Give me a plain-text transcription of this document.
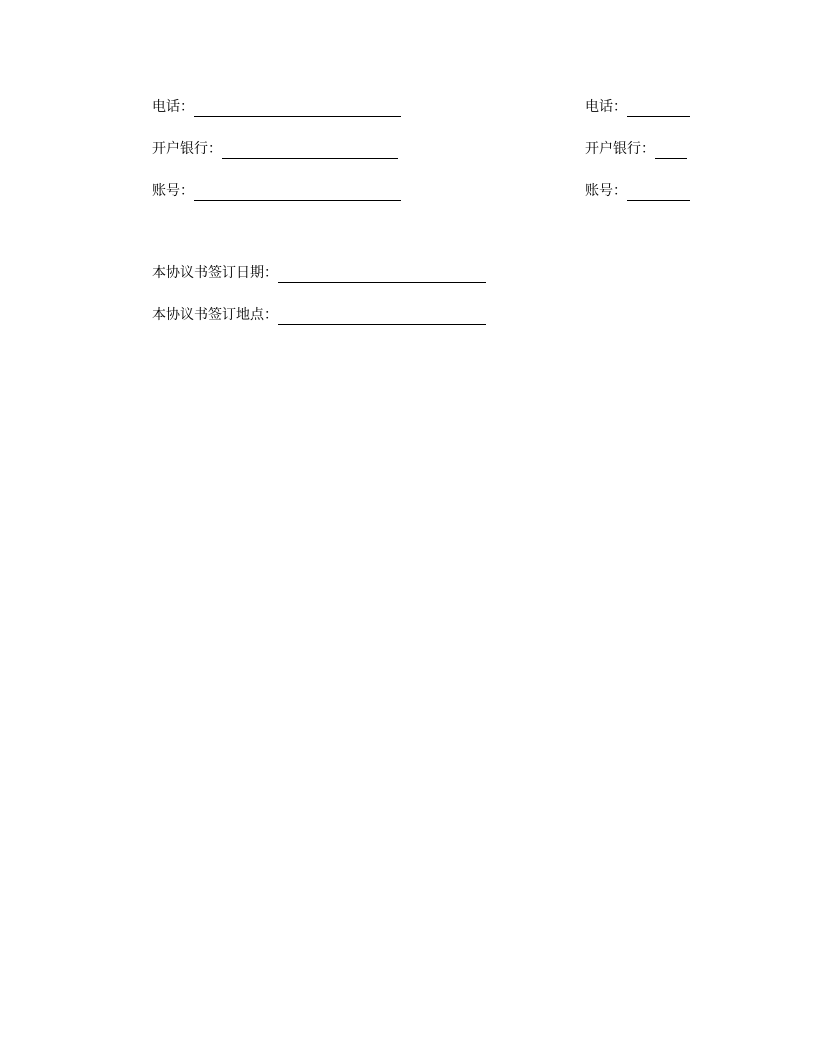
电话：
开户银行：
账号：
电话：
开户银行：
账号：
本协议书签订日期：
本协议书签订地点：
